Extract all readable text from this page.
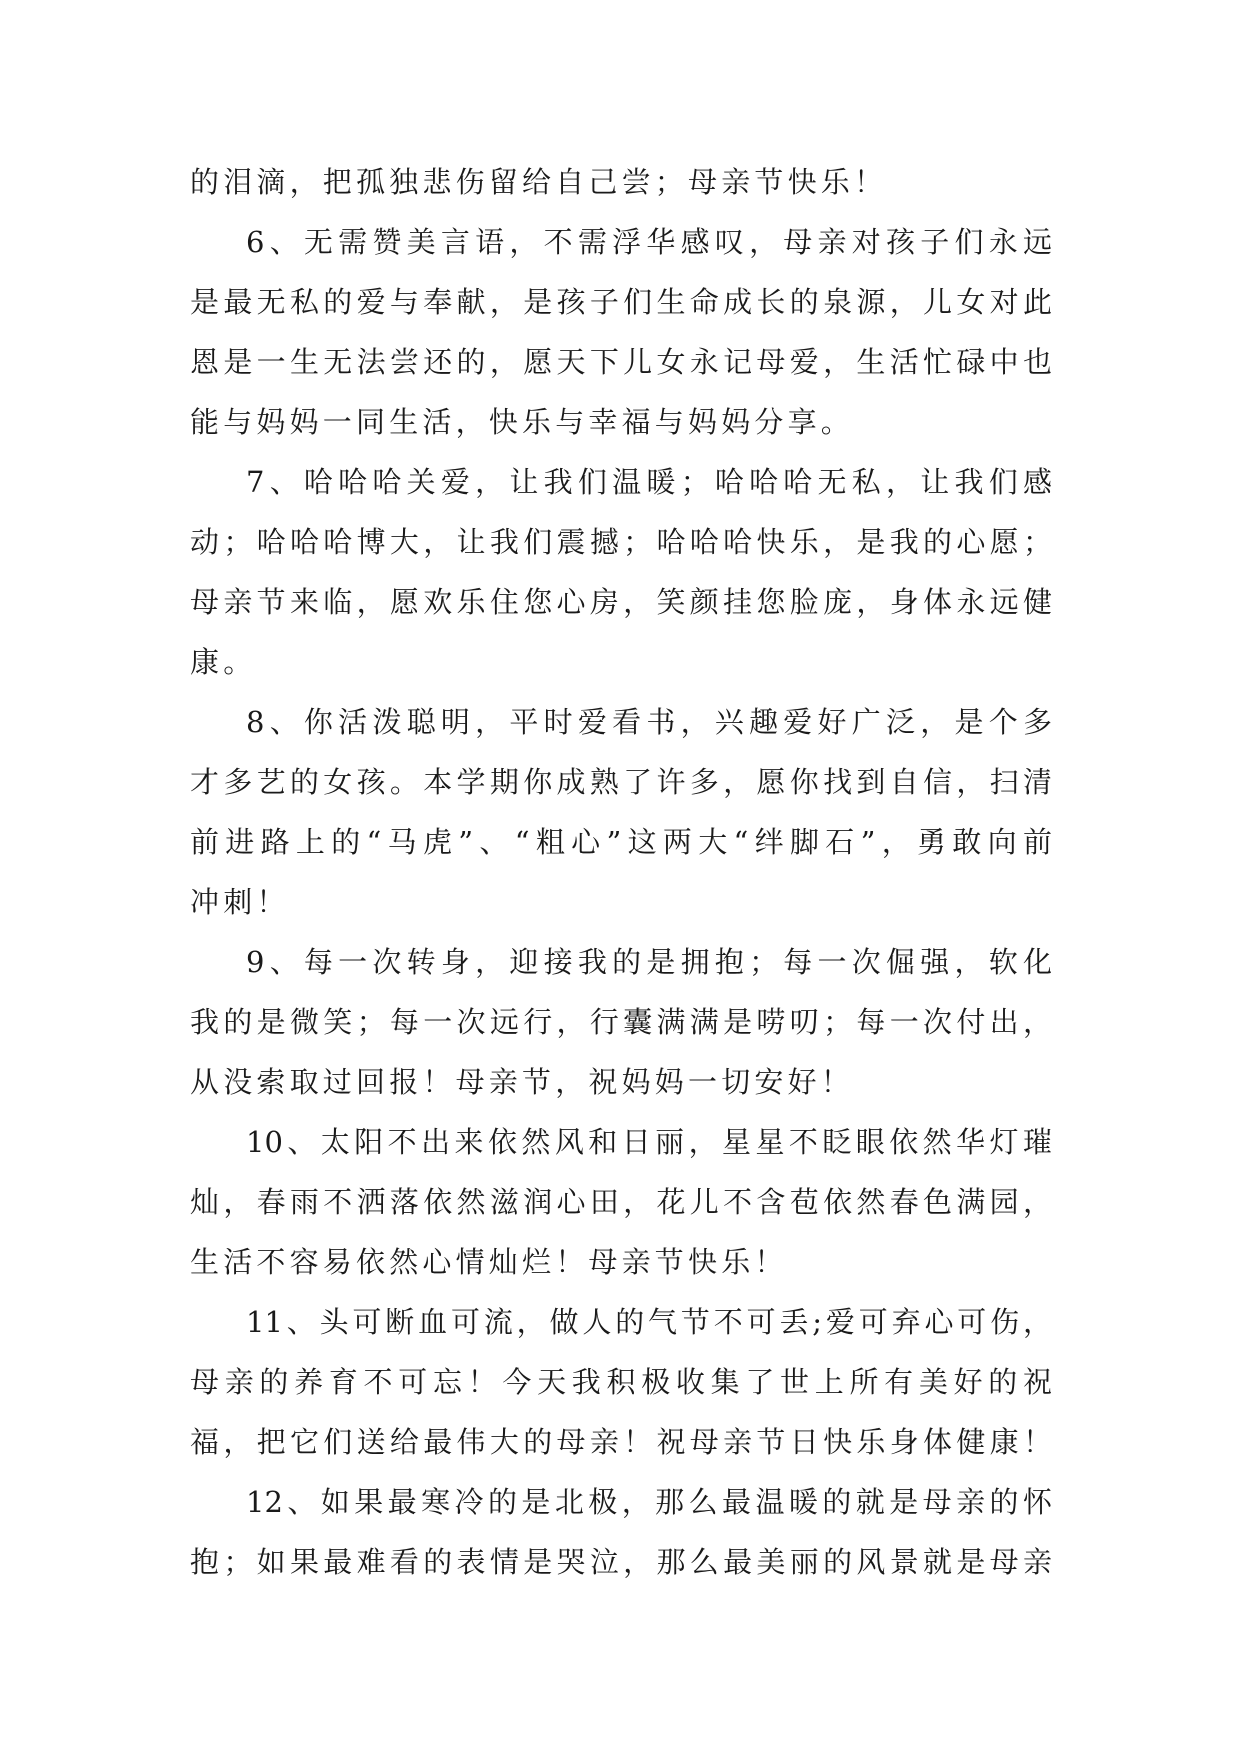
的泪滴，把孤独悲伤留给自己尝；母亲节快乐！
6、无需赞美言语，不需浮华感叹，母亲对孩子们永远
是最无私的爱与奉献，是孩子们生命成长的泉源，儿女对此
恩是一生无法尝还的，愿天下儿女永记母爱，生活忙碌中也
能与妈妈一同生活，快乐与幸福与妈妈分享。
7、哈哈哈关爱，让我们温暖；哈哈哈无私，让我们感
动；哈哈哈博大，让我们震撼；哈哈哈快乐，是我的心愿；
母亲节来临，愿欢乐住您心房，笑颜挂您脸庞，身体永远健
康。
8、你活泼聪明，平时爱看书，兴趣爱好广泛，是个多
才多艺的女孩。本学期你成熟了许多，愿你找到自信，扫清
前进路上的“马虎”、“粗心”这两大“绊脚石”，勇敢向前
冲刺！
9、每一次转身，迎接我的是拥抱；每一次倔强，软化
我的是微笑；每一次远行，行囊满满是唠叨；每一次付出，
从没索取过回报！母亲节，祝妈妈一切安好！
10、太阳不出来依然风和日丽，星星不眨眼依然华灯璀
灿，春雨不洒落依然滋润心田，花儿不含苞依然春色满园，
生活不容易依然心情灿烂！母亲节快乐！
11、头可断血可流，做人的气节不可丢;爱可弃心可伤，
母亲的养育不可忘！今天我积极收集了世上所有美好的祝
福，把它们送给最伟大的母亲！祝母亲节日快乐身体健康！
12、如果最寒冷的是北极，那么最温暖的就是母亲的怀
抱；如果最难看的表情是哭泣，那么最美丽的风景就是母亲
